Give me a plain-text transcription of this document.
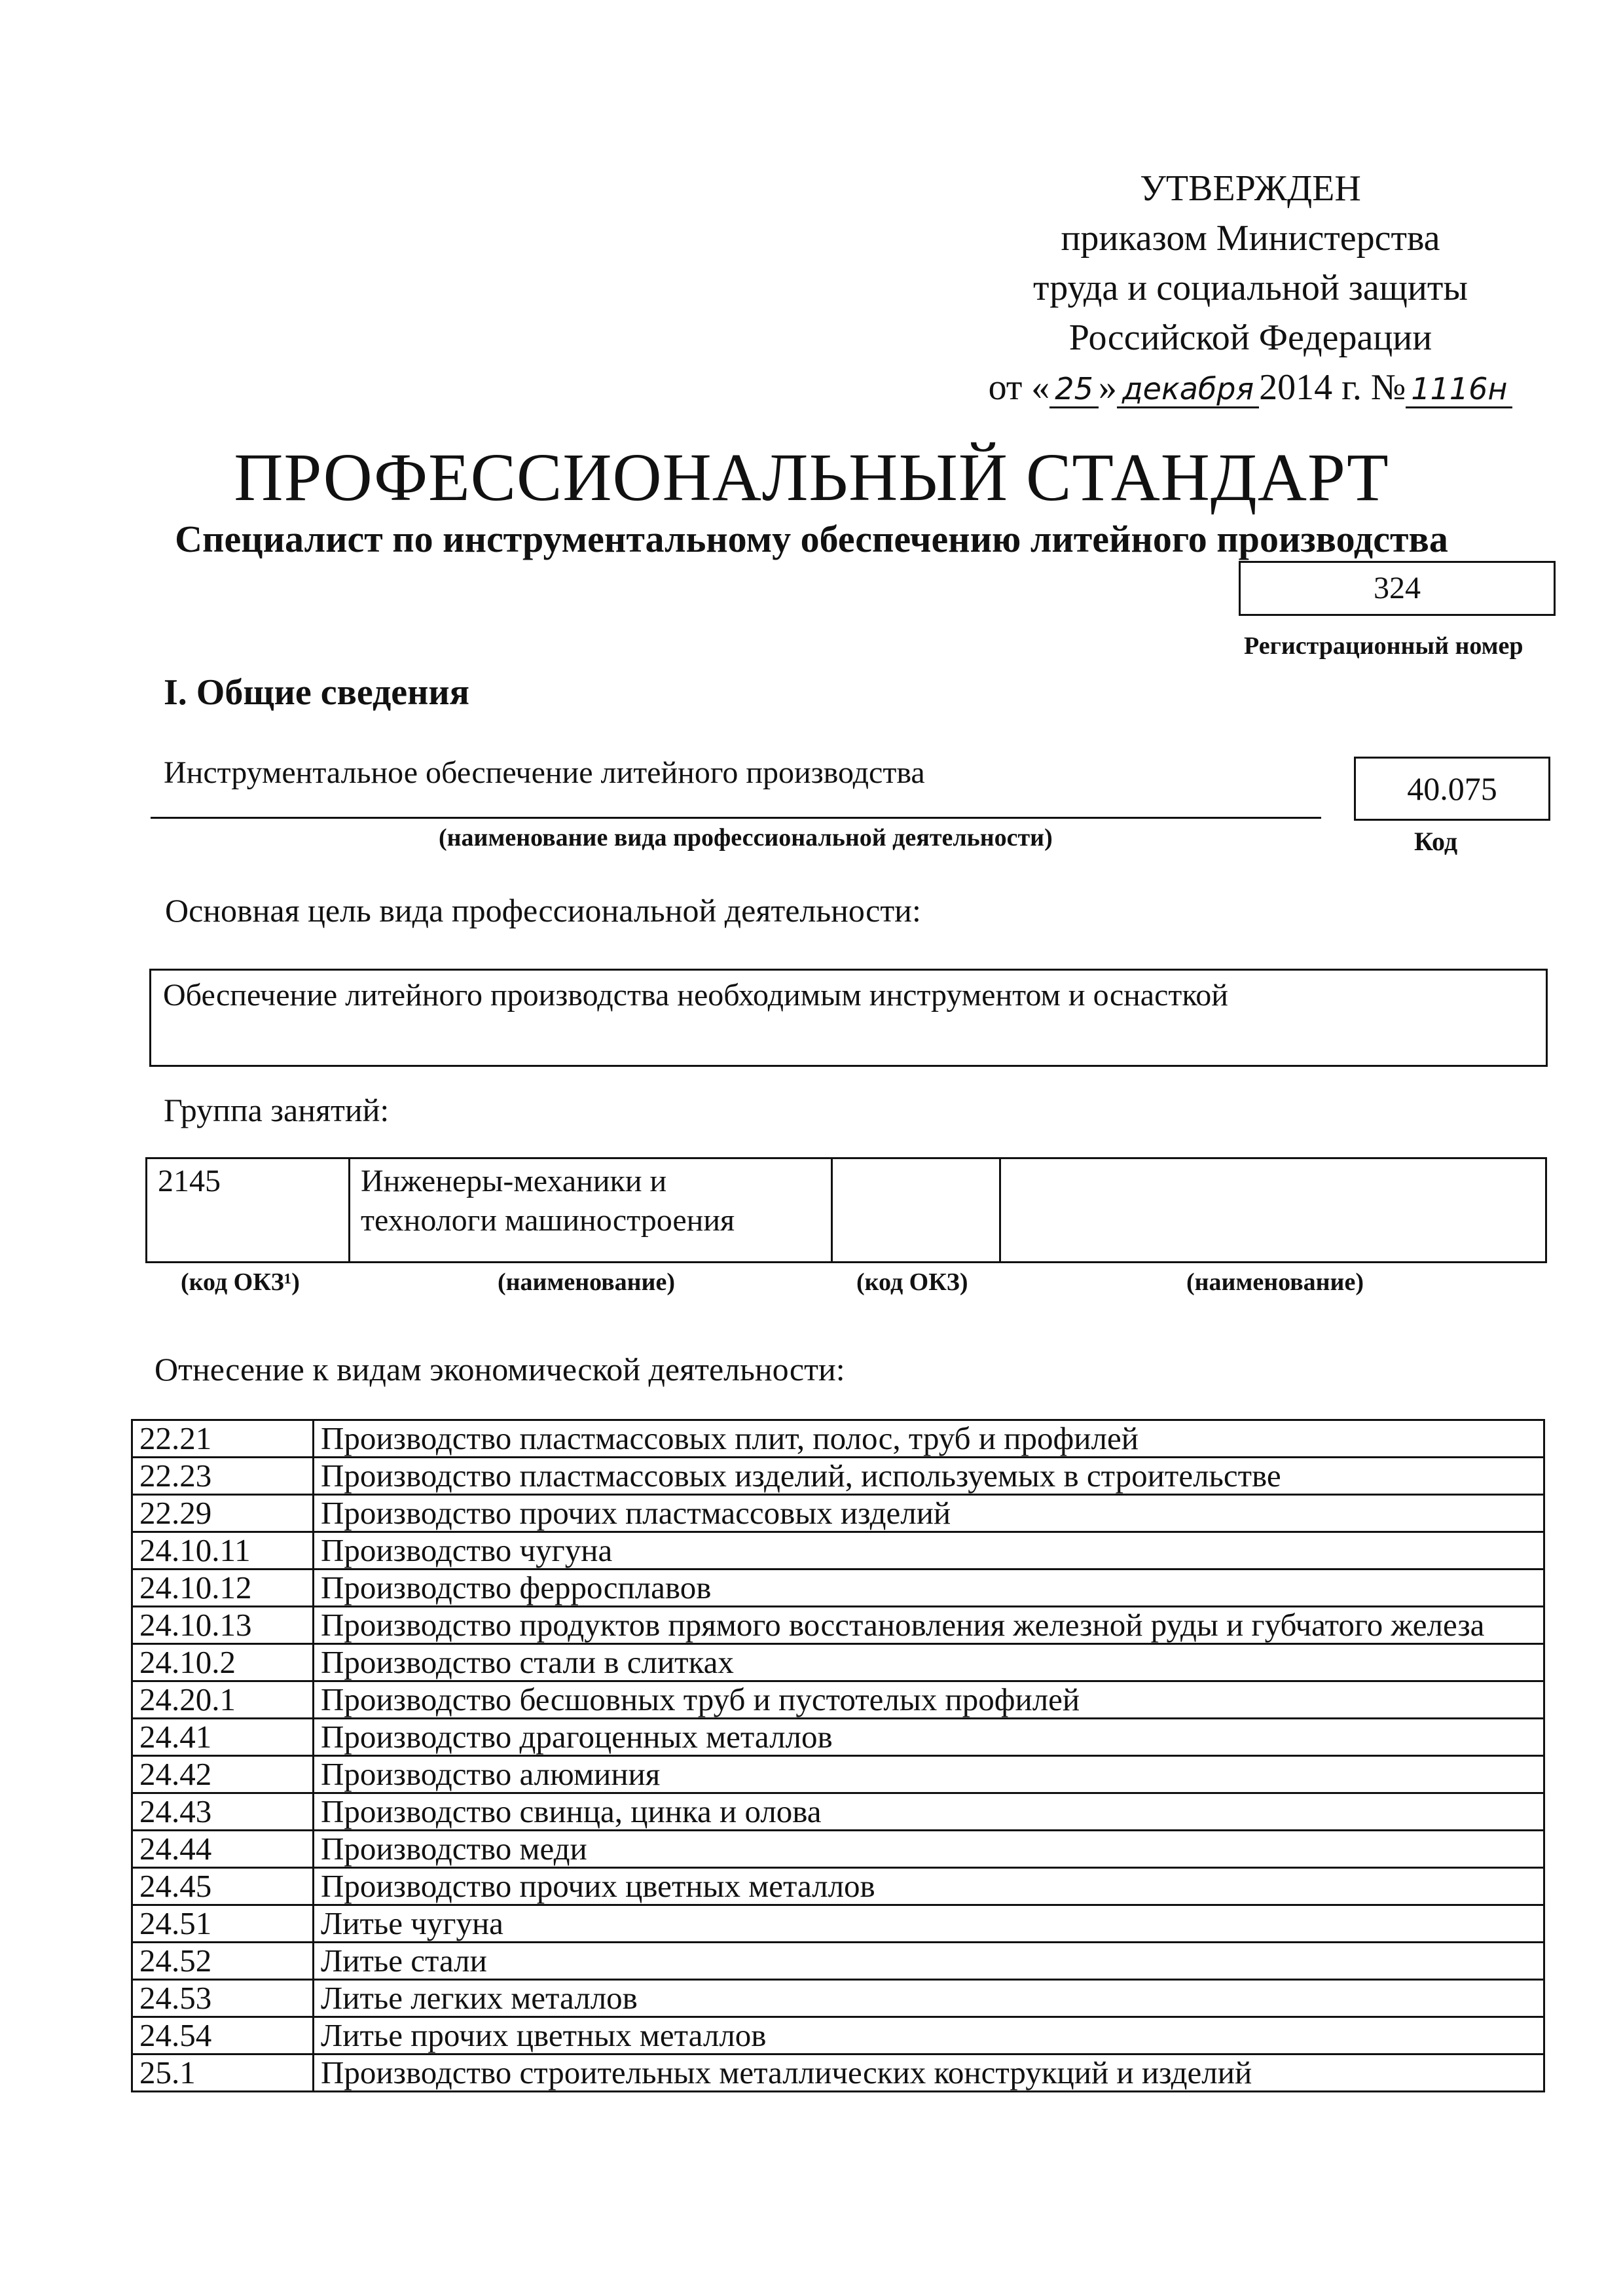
УТВЕРЖДЕН
приказом Министерства
труда и социальной защиты
Российской Федерации
от « 25 » декабря 2014 г. № 1116н
ПРОФЕССИОНАЛЬНЫЙ СТАНДАРТ
Специалист по инструментальному обеспечению литейного производства
324
Регистрационный номер
I. Общие сведения
Инструментальное обеспечение литейного производства
(наименование вида профессиональной деятельности)
40.075
Код
Основная цель вида профессиональной деятельности:
Обеспечение литейного производства необходимым инструментом и оснасткой
Группа занятий:
2145	Инженеры-механики и
технологи машиностроения

(код ОКЗ¹)	(наименование)	(код ОКЗ)	(наименование)
Отнесение к видам экономической деятельности:
22.21	Производство пластмассовых плит, полос, труб и профилей
22.23	Производство пластмассовых изделий, используемых в строительстве
22.29	Производство прочих пластмассовых изделий
24.10.11	Производство чугуна
24.10.12	Производство ферросплавов
24.10.13	Производство продуктов прямого восстановления железной руды и губчатого железа
24.10.2	Производство стали в слитках
24.20.1	Производство бесшовных труб и пустотелых профилей
24.41	Производство драгоценных металлов
24.42	Производство алюминия
24.43	Производство свинца, цинка и олова
24.44	Производство меди
24.45	Производство прочих цветных металлов
24.51	Литье чугуна
24.52	Литье стали
24.53	Литье легких металлов
24.54	Литье прочих цветных металлов
25.1	Производство строительных металлических конструкций и изделий
